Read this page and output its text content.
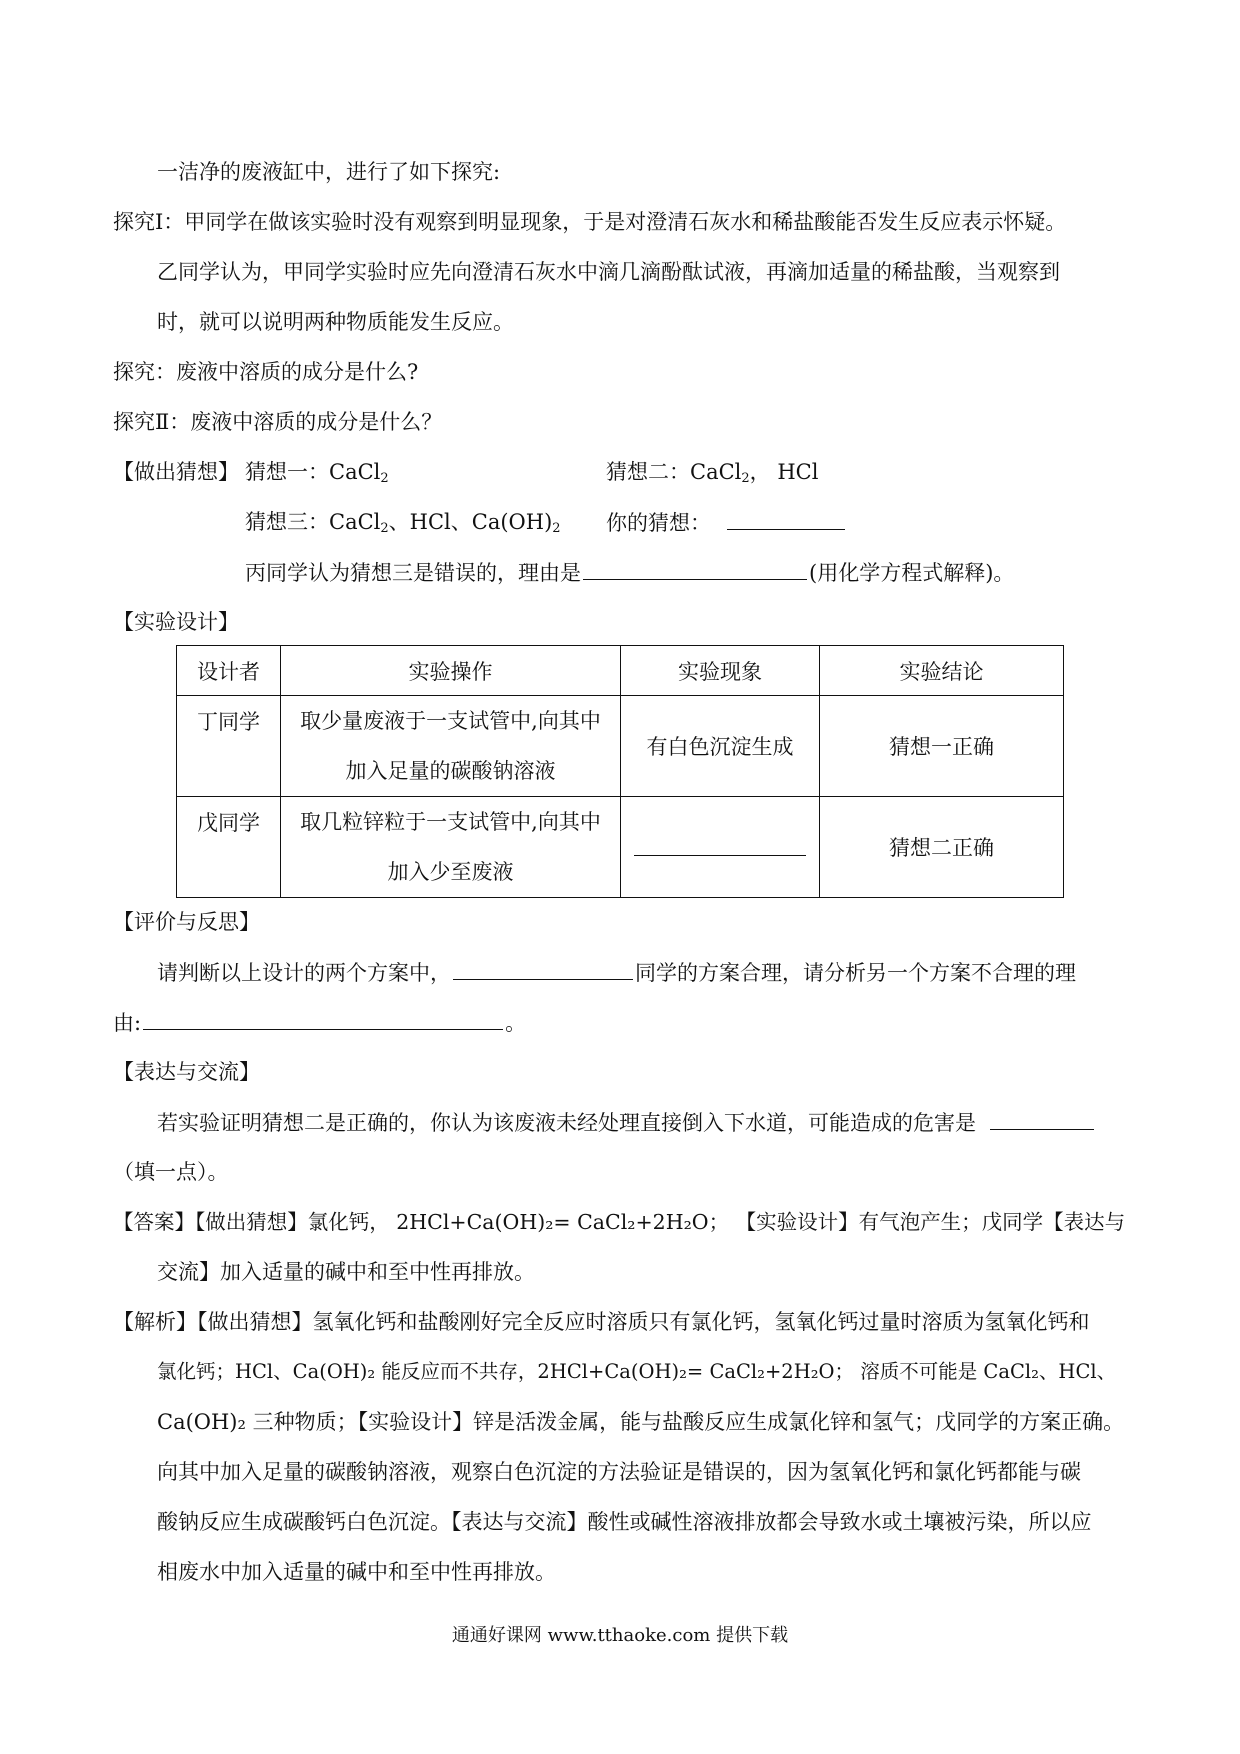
一洁净的废液缸中，进行了如下探究:
探究Ⅰ：甲同学在做该实验时没有观察到明显现象，于是对澄清石灰水和稀盐酸能否发生反应表示怀疑。
乙同学认为，甲同学实验时应先向澄清石灰水中滴几滴酚酞试液，再滴加适量的稀盐酸，当观察到
时，就可以说明两种物质能发生反应。
探究：废液中溶质的成分是什么?
探究Ⅱ：废液中溶质的成分是什么？
【做出猜想】 猜想一：CaCl$_2$	猜想二：CaCl$_2$， HCl
猜想三：CaCl$_2$、HCl、$Ca(OH)_2$ 你的猜想：
丙同学认为猜想三是错误的，理由是	(用化学方程式解释)。
【实验设计】
设计者	实验操作	实验现象	实验结论
丁同学	取少量废液于一支试管中,向其中
加入足量的碳酸钠溶液	有白色沉淀生成	猜想一正确
戊同学	取几粒锌粒于一支试管中,向其中
加入少至废液		猜想二正确
【评价与反思】
请判断以上设计的两个方案中，	同学的方案合理，请分析另一个方案不合理的理
由:	。
【表达与交流】
若实验证明猜想二是正确的，你认为该废液未经处理直接倒入下水道，可能造成的危害是
（填一点）。
【答案】【做出猜想】氯化钙， 2HCl+Ca(OH)₂= CaCl₂+2H₂O； 【实验设计】有气泡产生；戊同学【表达与
交流】加入适量的碱中和至中性再排放。
【解析】【做出猜想】氢氧化钙和盐酸刚好完全反应时溶质只有氯化钙，氢氧化钙过量时溶质为氢氧化钙和
氯化钙；HCl、Ca(OH)₂ 能反应而不共存，2HCl+Ca(OH)₂= CaCl₂+2H₂O； 溶质不可能是 CaCl₂、HCl、
Ca(OH)₂ 三种物质；【实验设计】锌是活泼金属，能与盐酸反应生成氯化锌和氢气；戊同学的方案正确。
向其中加入足量的碳酸钠溶液，观察白色沉淀的方法验证是错误的，因为氢氧化钙和氯化钙都能与碳
酸钠反应生成碳酸钙白色沉淀。【表达与交流】酸性或碱性溶液排放都会导致水或土壤被污染，所以应
相废水中加入适量的碱中和至中性再排放。
通通好课网 www.tthaoke.com 提供下载
